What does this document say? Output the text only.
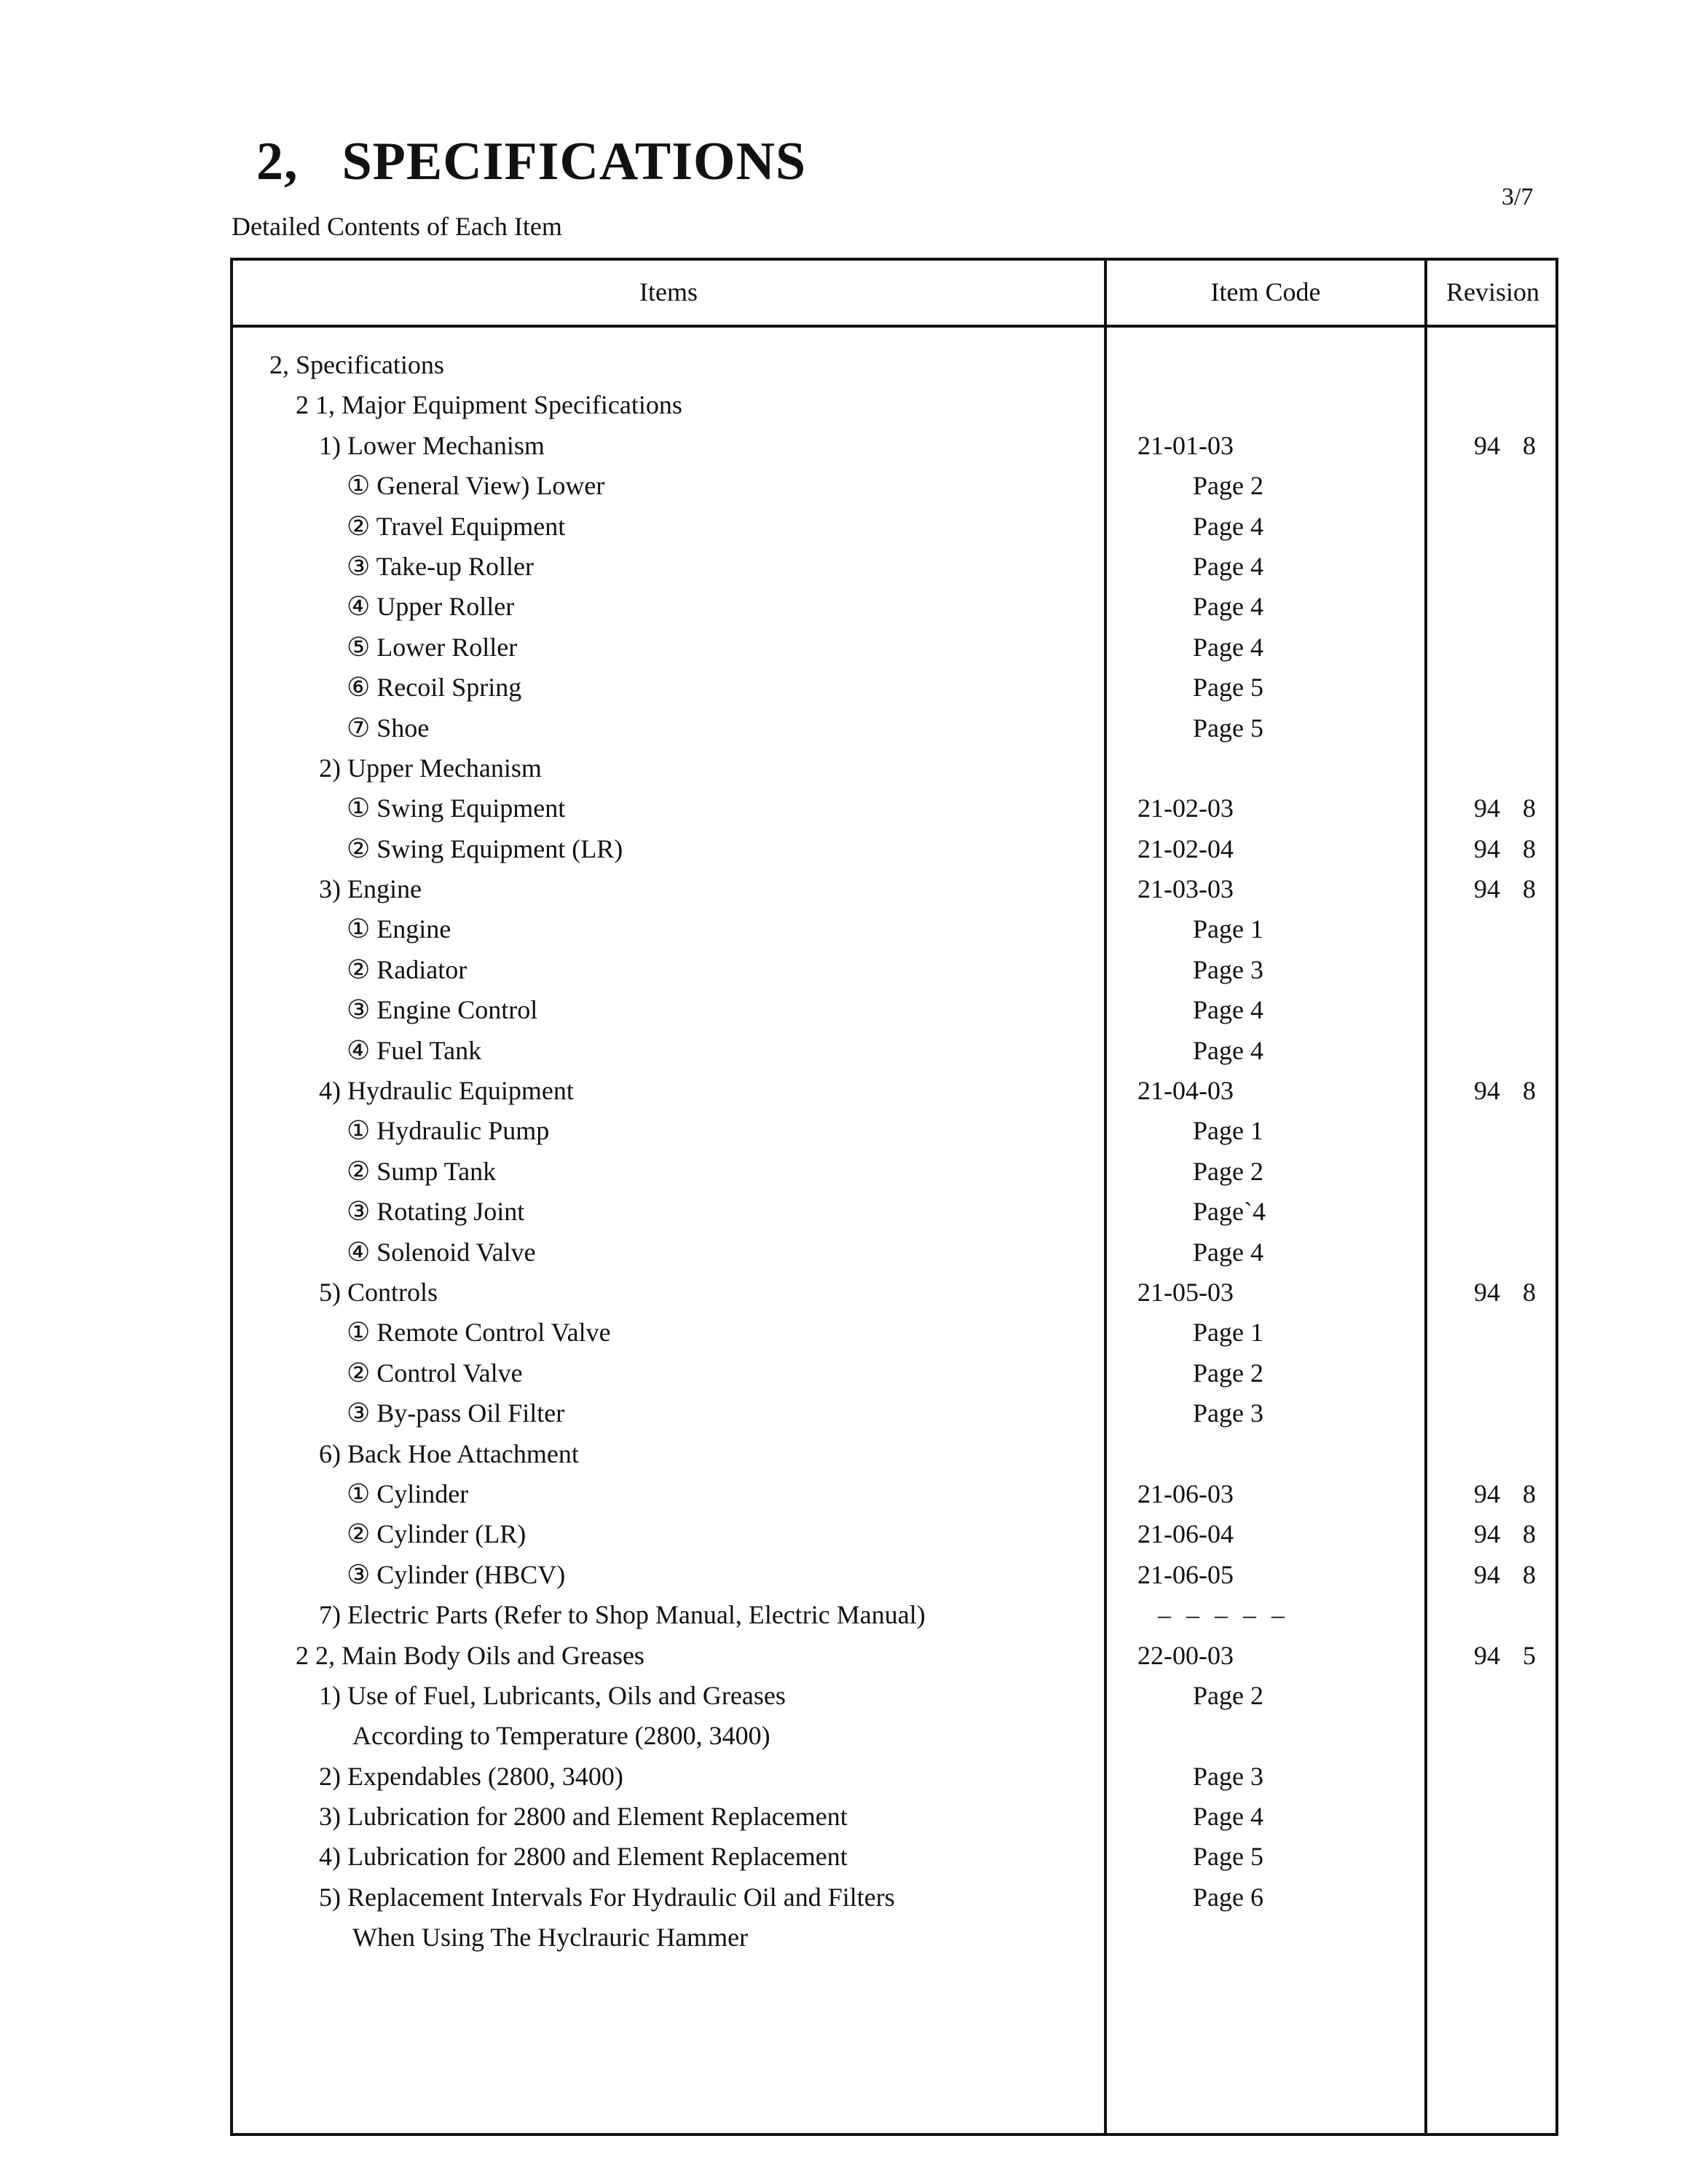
2, SPECIFICATIONS
Detailed Contents of Each Item
3/7
Items	Item Code	Revision
2, Specifications
2 1, Major Equipment Specifications
1) Lower Mechanism	21-01-03	94 8
① General View) Lower	Page 2
② Travel Equipment	Page 4
③ Take-up Roller	Page 4
④ Upper Roller	Page 4
⑤ Lower Roller	Page 4
⑥ Recoil Spring	Page 5
⑦ Shoe	Page 5
2) Upper Mechanism
① Swing Equipment	21-02-03	94 8
② Swing Equipment (LR)	21-02-04	94 8
3) Engine	21-03-03	94 8
① Engine	Page 1
② Radiator	Page 3
③ Engine Control	Page 4
④ Fuel Tank	Page 4
4) Hydraulic Equipment	21-04-03	94 8
① Hydraulic Pump	Page 1
② Sump Tank	Page 2
③ Rotating Joint	Page`4
④ Solenoid Valve	Page 4
5) Controls	21-05-03	94 8
① Remote Control Valve	Page 1
② Control Valve	Page 2
③ By-pass Oil Filter	Page 3
6) Back Hoe Attachment
① Cylinder	21-06-03	94 8
② Cylinder (LR)	21-06-04	94 8
③ Cylinder (HBCV)	21-06-05	94 8
7) Electric Parts (Refer to Shop Manual, Electric Manual)	– – – – –
2 2, Main Body Oils and Greases	22-00-03	94 5
1) Use of Fuel, Lubricants, Oils and Greases	Page 2
According to Temperature (2800, 3400)
2) Expendables (2800, 3400)	Page 3
3) Lubrication for 2800 and Element Replacement	Page 4
4) Lubrication for 2800 and Element Replacement	Page 5
5) Replacement Intervals For Hydraulic Oil and Filters	Page 6
When Using The Hyclrauric Hammer
